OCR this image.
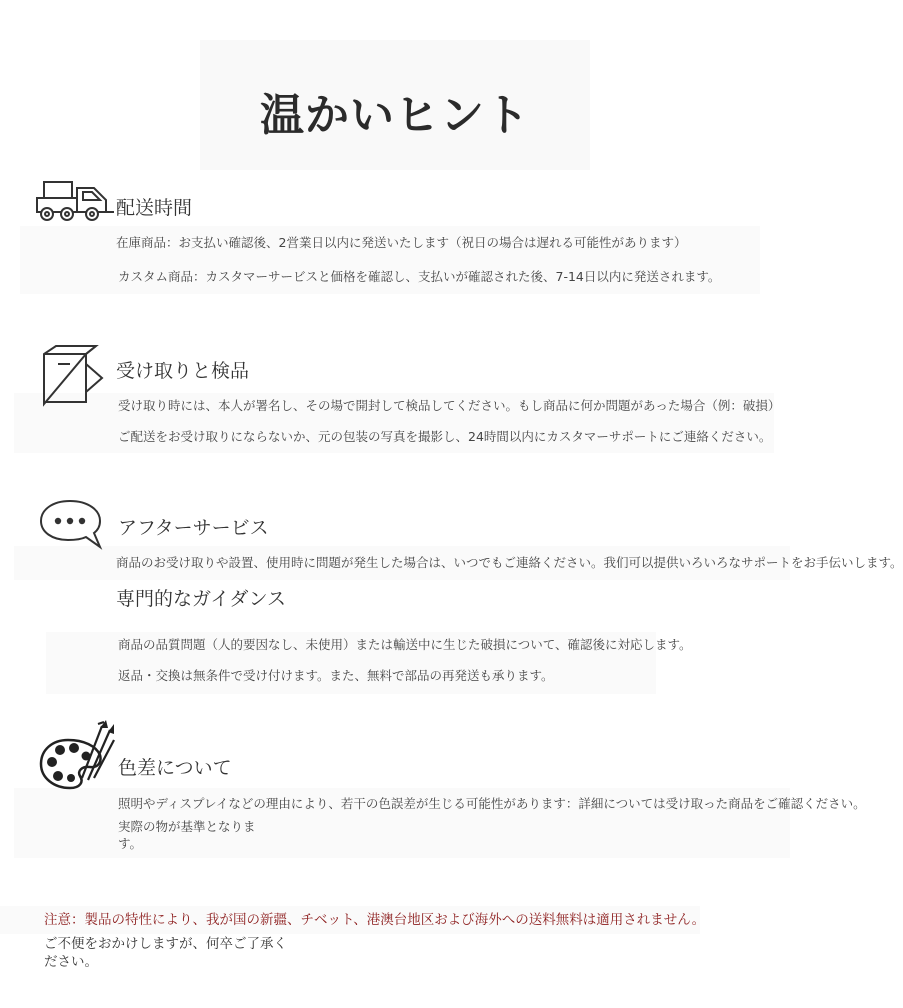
温かいヒント
配送時間
在庫商品：お支払い確認後、2営業日以内に発送いたします（祝日の場合は遅れる可能性があります）
カスタム商品：カスタマーサービスと価格を確認し、支払いが確認された後、7-14日以内に発送されます。
受け取りと検品
受け取り時には、本人が署名し、その場で開封して検品してください。もし商品に何か問題があった場合（例：破損）
ご配送をお受け取りにならないか、元の包装の写真を撮影し、24時間以内にカスタマーサポートにご連絡ください。
アフターサービス
商品のお受け取りや設置、使用時に問題が発生した場合は、いつでもご連絡ください。我们可以提供いろいろなサポートをお手伝いします。
専門的なガイダンス
商品の品質問題（人的要因なし、未使用）または輸送中に生じた破損について、確認後に対応します。
返品・交換は無条件で受け付けます。また、無料で部品の再発送も承ります。
色差について
照明やディスプレイなどの理由により、若干の色誤差が生じる可能性があります：詳細については受け取った商品をご確認ください。
実際の物が基準となります。
注意：製品の特性により、我が国の新疆、チベット、港澳台地区および海外への送料無料は適用されません。
ご不便をおかけしますが、何卒ご了承ください。
